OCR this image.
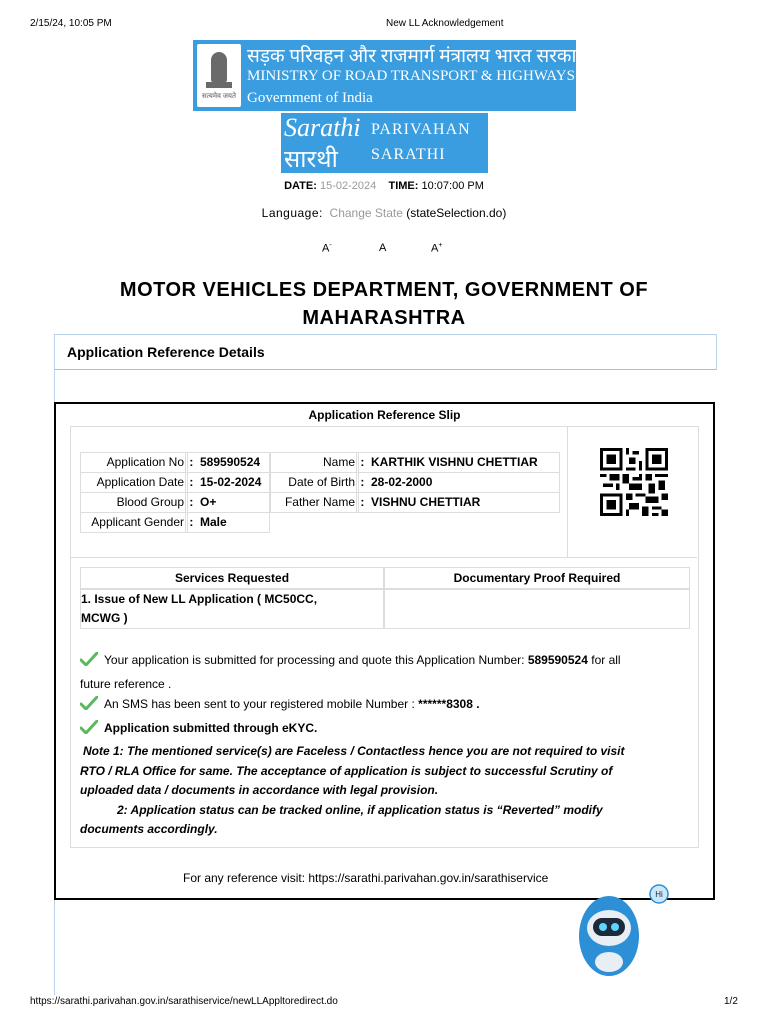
2/15/24, 10:05 PM	New LL Acknowledgement
सत्यमेव जयते
सड़क परिवहन और राजमार्ग मंत्रालय भारत सरकार
MINISTRY OF ROAD TRANSPORT & HIGHWAYS
Government of India
Sarathi
सारथी
PARIVAHAN
SARATHI
DATE: 15-02-2024 TIME: 10:07:00 PM
Language: Change State (stateSelection.do)
A-	A	A+
MOTOR VEHICLES DEPARTMENT, GOVERNMENT OF
MAHARASHTRA
Application Reference Details
Application Reference Slip
Application No :  589590524	Name :  KARTHIK VISHNU CHETTIAR
Application Date :  15-02-2024	Date of Birth :  28-02-2000
Blood Group :  O+	Father Name :  VISHNU CHETTIAR
Applicant Gender :  Male
Services Requested	Documentary Proof Required
1. Issue of New LL Application ( MC50CC,
MCWG )
Your application is submitted for processing and quote this Application Number: 589590524 for all
future reference .
An SMS has been sent to your registered mobile Number : ******8308 .
Application submitted through eKYC.
Note 1: The mentioned service(s) are Faceless / Contactless hence you are not required to visit
RTO / RLA Office for same. The acceptance of application is subject to successful Scrutiny of
uploaded data / documents in accordance with legal provision.
2: Application status can be tracked online, if application status is “Reverted” modify
documents accordingly.
For any reference visit: https://sarathi.parivahan.gov.in/sarathiservice
Hi
https://sarathi.parivahan.gov.in/sarathiservice/newLLAppltoredirect.do	1/2
